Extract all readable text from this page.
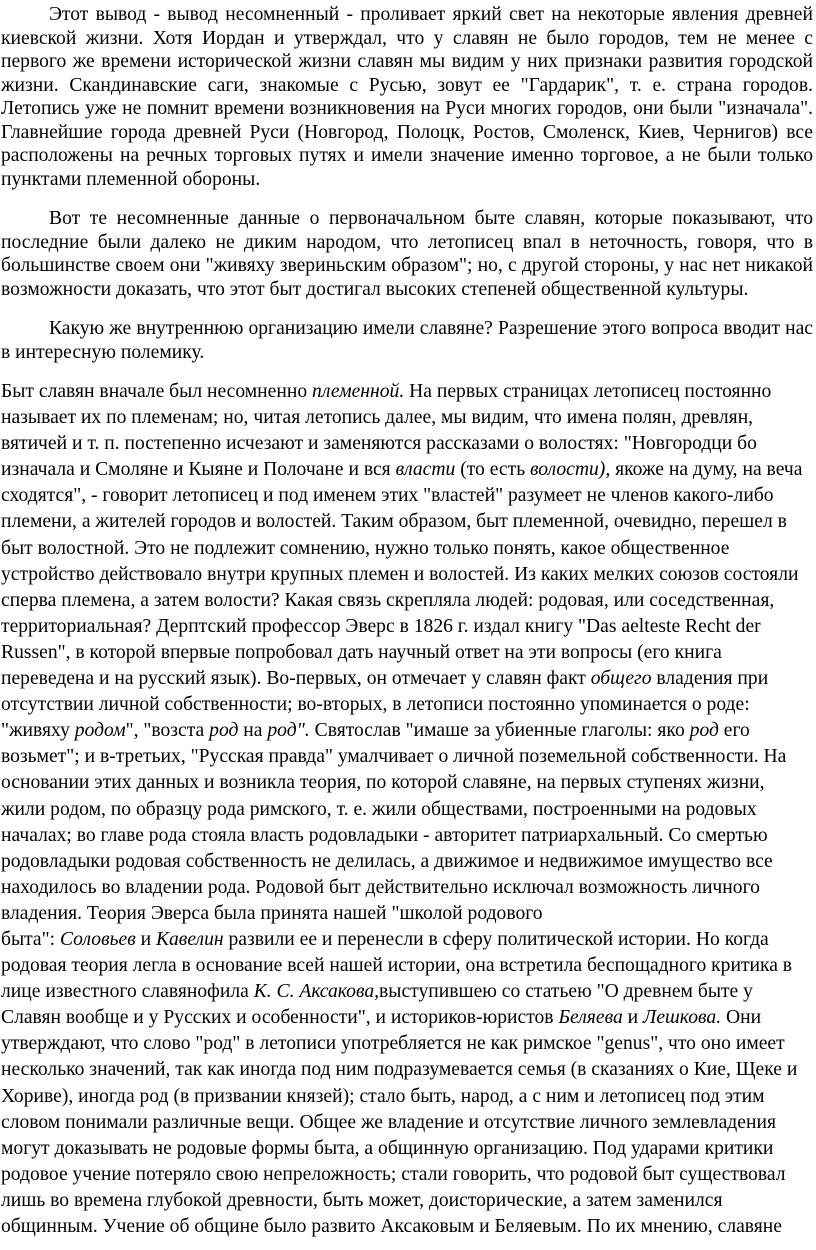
Этот вывод - вывод несомненный - проливает яркий свет на некоторые явления древней киевской жизни. Хотя Иордан и утверждал, что у славян не было городов, тем не менее с первого же времени исторической жизни славян мы видим у них признаки развития городской жизни. Скандинавские саги, знакомые с Русью, зовут ее "Гардарик", т. е. страна городов. Летопись уже не помнит времени возникновения на Руси многих городов, они были "изначала". Главнейшие города древней Руси (Новгород, Полоцк, Ростов, Смоленск, Киев, Чернигов) все расположены на речных торговых путях и имели значение именно торговое, а не были только пунктами племенной обороны.

Вот те несомненные данные о первоначальном быте славян, которые показывают, что последние были далеко не диким народом, что летописец впал в неточность, говоря, что в большинстве своем они "живяху звериньским образом"; но, с другой стороны, у нас нет никакой возможности доказать, что этот быт достигал высоких степеней общественной культуры.

Какую же внутреннюю организацию имели славяне? Разрешение этого вопроса вводит нас в интересную полемику.

Быт славян вначале был несомненно племенной. На первых страницах летописец постоянно
называет их по племенам; но, читая летопись далее, мы видим, что имена полян, древлян,
вятичей и т. п. постепенно исчезают и заменяются рассказами о волостях: "Новгородци бо
изначала и Смоляне и Кыяне и Полочане и вся власти (то есть волости), якоже на думу, на веча
сходятся", - говорит летописец и под именем этих "властей" разумеет не членов какого-либо
племени, а жителей городов и волостей. Таким образом, быт племенной, очевидно, перешел в
быт волостной. Это не подлежит сомнению, нужно только понять, какое общественное
устройство действовало внутри крупных племен и волостей. Из каких мелких союзов состояли
сперва племена, а затем волости? Какая связь скрепляла людей: родовая, или соседственная,
территориальная? Дерптский профессор Эверс в 1826 г. издал книгу "Das aelteste Recht der
Russen", в которой впервые попробовал дать научный ответ на эти вопросы (его книга
переведена и на русский язык). Во-первых, он отмечает у славян факт общего владения при
отсутствии личной собственности; во-вторых, в летописи постоянно упоминается о роде:
"живяху родом", "возста род на род". Святослав "имаше за убиенные глаголы: яко род его
возьмет"; и в-третьих, "Русская правда" умалчивает о личной поземельной собственности. На
основании этих данных и возникла теория, по которой славяне, на первых ступенях жизни,
жили родом, по образцу рода римского, т. е. жили обществами, построенными на родовых
началах; во главе рода стояла власть родовладыки - авторитет патриархальный. Со смертью
родовладыки родовая собственность не делилась, а движимое и недвижимое имущество все
находилось во владении рода. Родовой быт действительно исключал возможность личного
владения. Теория Эверса была принята нашей "школой родового
быта": Соловьев и Кавелин развили ее и перенесли в сферу политической истории. Но когда
родовая теория легла в основание всей нашей истории, она встретила беспощадного критика в
лице известного славянофила К. С. Аксакова,выступившею со статьею "О древнем быте у
Славян вообще и у Русских и особенности", и историков-юристов Беляева и Лешкова. Они
утверждают, что слово "род" в летописи употребляется не как римское "genus", что оно имеет
несколько значений, так как иногда под ним подразумевается семья (в сказаниях о Кие, Щеке и
Хориве), иногда род (в призвании князей); стало быть, народ, а с ним и летописец под этим
словом понимали различные вещи. Общее же владение и отсутствие личного землевладения
могут доказывать не родовые формы быта, а общинную организацию. Под ударами критики
родовое учение потеряло свою непреложность; стали говорить, что родовой быт существовал
лишь во времена глубокой древности, быть может, доисторические, а затем заменился
общинным. Учение об общине было развито Аксаковым и Беляевым. По их мнению, славяне
